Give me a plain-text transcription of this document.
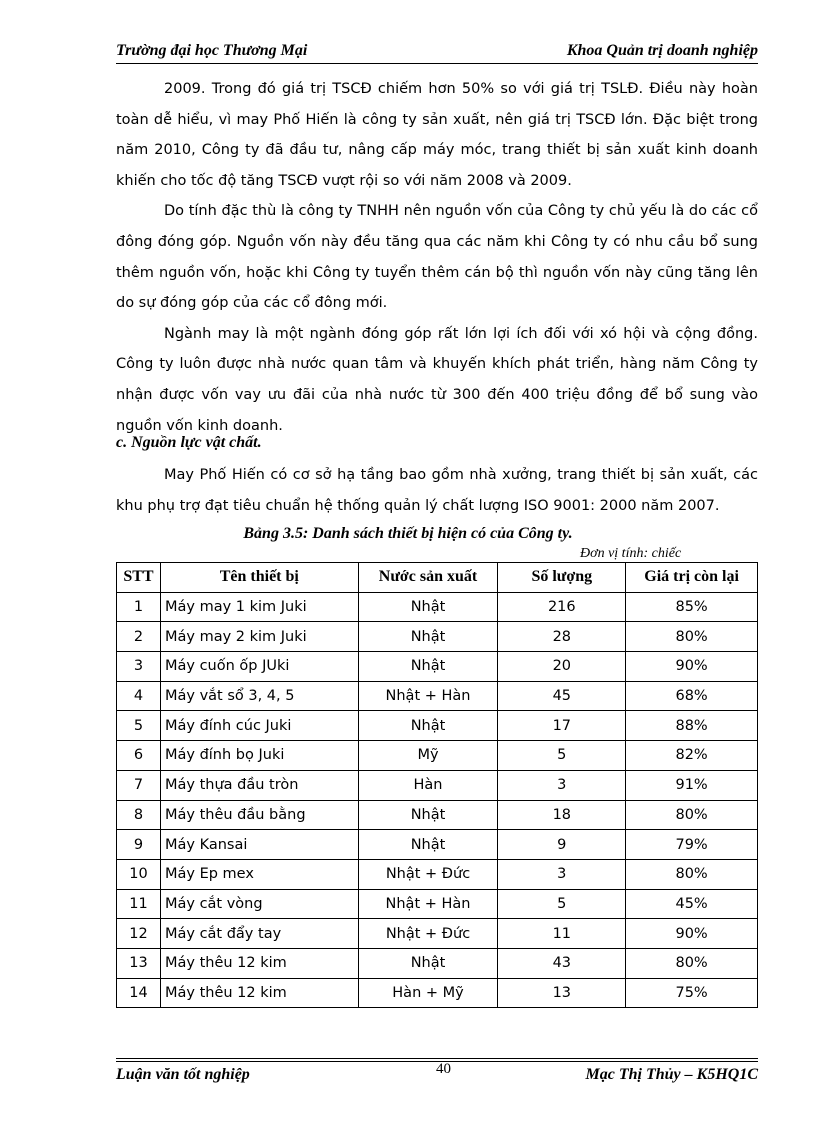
Trường đại học Thương Mại	Khoa Quản trị doanh nghiệp

2009. Trong đó giá trị TSCĐ chiếm hơn 50% so với giá trị TSLĐ. Điều này hoàn toàn dễ hiểu, vì may Phố Hiến là công ty sản xuất, nên giá trị TSCĐ lớn. Đặc biệt trong năm 2010, Công ty đã đầu tư, nâng cấp máy móc, trang thiết bị sản xuất kinh doanh khiến cho tốc độ tăng TSCĐ vượt rội so với năm 2008 và 2009.

Do tính đặc thù là công ty TNHH nên nguồn vốn của Công ty chủ yếu là do các cổ đông đóng góp. Nguồn vốn này đều tăng qua các năm khi Công ty có nhu cầu bổ sung thêm nguồn vốn, hoặc khi Công ty tuyển thêm cán bộ thì nguồn vốn này cũng tăng lên do sự đóng góp của các cổ đông mới.

Ngành may là một ngành đóng góp rất lớn lợi ích đối với xó hội và cộng đồng. Công ty luôn được nhà nước quan tâm và khuyến khích phát triển, hàng năm Công ty nhận được vốn vay ưu đãi của nhà nước từ 300 đến 400 triệu đồng để bổ sung vào nguồn vốn kinh doanh.

c. Nguồn lực vật chất.

May Phố Hiến có cơ sở hạ tầng bao gồm nhà xưởng, trang thiết bị sản xuất, các khu phụ trợ đạt tiêu chuẩn hệ thống quản lý chất lượng ISO 9001: 2000 năm 2007.

Bảng 3.5: Danh sách thiết bị hiện có của Công ty.
Đơn vị tính: chiếc
STT	Tên thiết bị	Nước sản xuất	Số lượng	Giá trị còn lại
1	Máy may 1 kim Juki	Nhật	216	85%
2	Máy may 2 kim Juki	Nhật	28	80%
3	Máy cuốn ốp JUki	Nhật	20	90%
4	Máy vắt sổ 3, 4, 5	Nhật + Hàn	45	68%
5	Máy đính cúc Juki	Nhật	17	88%
6	Máy đính bọ Juki	Mỹ	5	82%
7	Máy thựa đầu tròn	Hàn	3	91%
8	Máy thêu đầu bằng	Nhật	18	80%
9	Máy Kansai	Nhật	9	79%
10	Máy Ep mex	Nhật + Đức	3	80%
11	Máy cắt vòng	Nhật + Hàn	5	45%
12	Máy cắt đẩy tay	Nhật + Đức	11	90%
13	Máy thêu 12 kim	Nhật	43	80%
14	Máy thêu 12 kim	Hàn + Mỹ	13	75%
Luận văn tốt nghiệp	40	Mạc Thị Thủy – K5HQ1C
